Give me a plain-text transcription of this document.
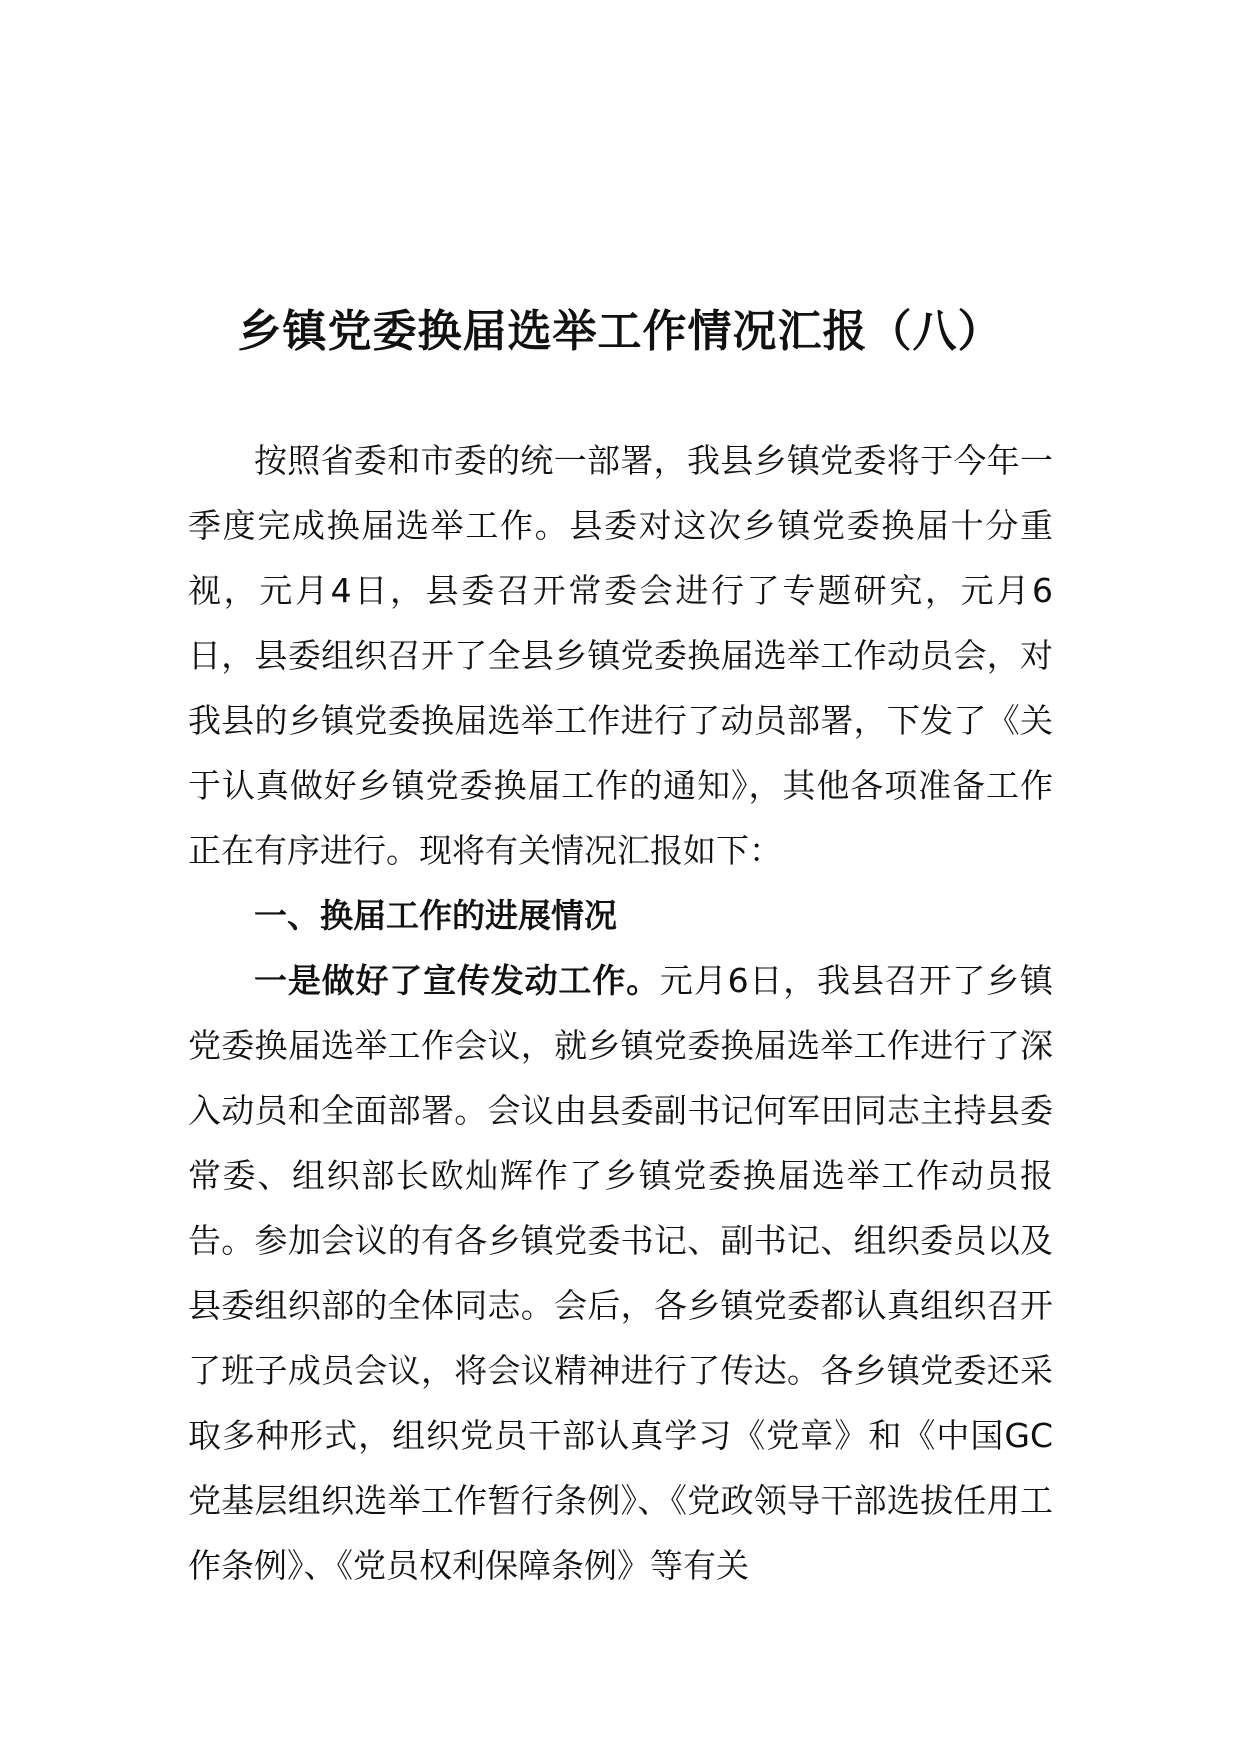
乡镇党委换届选举工作情况汇报（八）

按照省委和市委的统一部署，我县乡镇党委将于今年一季度完成换届选举工作。县委对这次乡镇党委换届十分重视，元月4日，县委召开常委会进行了专题研究，元月6日，县委组织召开了全县乡镇党委换届选举工作动员会，对我县的乡镇党委换届选举工作进行了动员部署，下发了《关于认真做好乡镇党委换届工作的通知》，其他各项准备工作正在有序进行。现将有关情况汇报如下：

一、换届工作的进展情况

一是做好了宣传发动工作。元月6日，我县召开了乡镇党委换届选举工作会议，就乡镇党委换届选举工作进行了深入动员和全面部署。会议由县委副书记何军田同志主持县委常委、组织部长欧灿辉作了乡镇党委换届选举工作动员报告。参加会议的有各乡镇党委书记、副书记、组织委员以及县委组织部的全体同志。会后，各乡镇党委都认真组织召开了班子成员会议，将会议精神进行了传达。各乡镇党委还采取多种形式，组织党员干部认真学习《党章》和《中国GC党基层组织选举工作暂行条例》、《党政领导干部选拔任用工作条例》、《党员权利保障条例》等有关
